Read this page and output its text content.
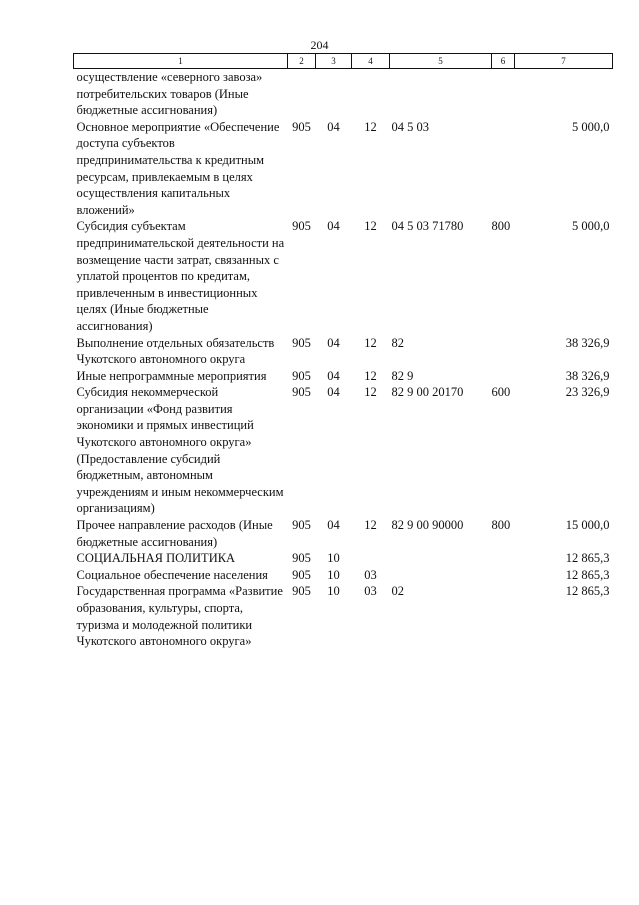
204
1	2	3	4	5	6	7
осуществление «северного завоза» потребительских товаров (Иные бюджетные ассигнования)						
Основное мероприятие «Обеспечение доступа субъектов предпринимательства к кредитным ресурсам, привлекаемым в целях осуществления капитальных вложений»	905	04	12	04 5 03		5 000,0
Субсидия субъектам предпринимательской деятельности на возмещение части затрат, связанных с уплатой процентов по кредитам, привлеченным в инвестиционных целях (Иные бюджетные ассигнования)	905	04	12	04 5 03 71780	800	5 000,0
Выполнение отдельных обязательств Чукотского автономного округа	905	04	12	82		38 326,9
Иные непрограммные мероприятия	905	04	12	82 9		38 326,9
Субсидия некоммерческой организации «Фонд развития экономики и прямых инвестиций Чукотского автономного округа» (Предоставление субсидий бюджетным, автономным учреждениям и иным некоммерческим организациям)	905	04	12	82 9 00 20170	600	23 326,9
Прочее направление расходов (Иные бюджетные ассигнования)	905	04	12	82 9 00 90000	800	15 000,0
СОЦИАЛЬНАЯ ПОЛИТИКА	905	10				12 865,3
Социальное обеспечение населения	905	10	03			12 865,3
Государственная программа «Развитие образования, культуры, спорта, туризма и молодежной политики Чукотского автономного округа»	905	10	03	02		12 865,3
